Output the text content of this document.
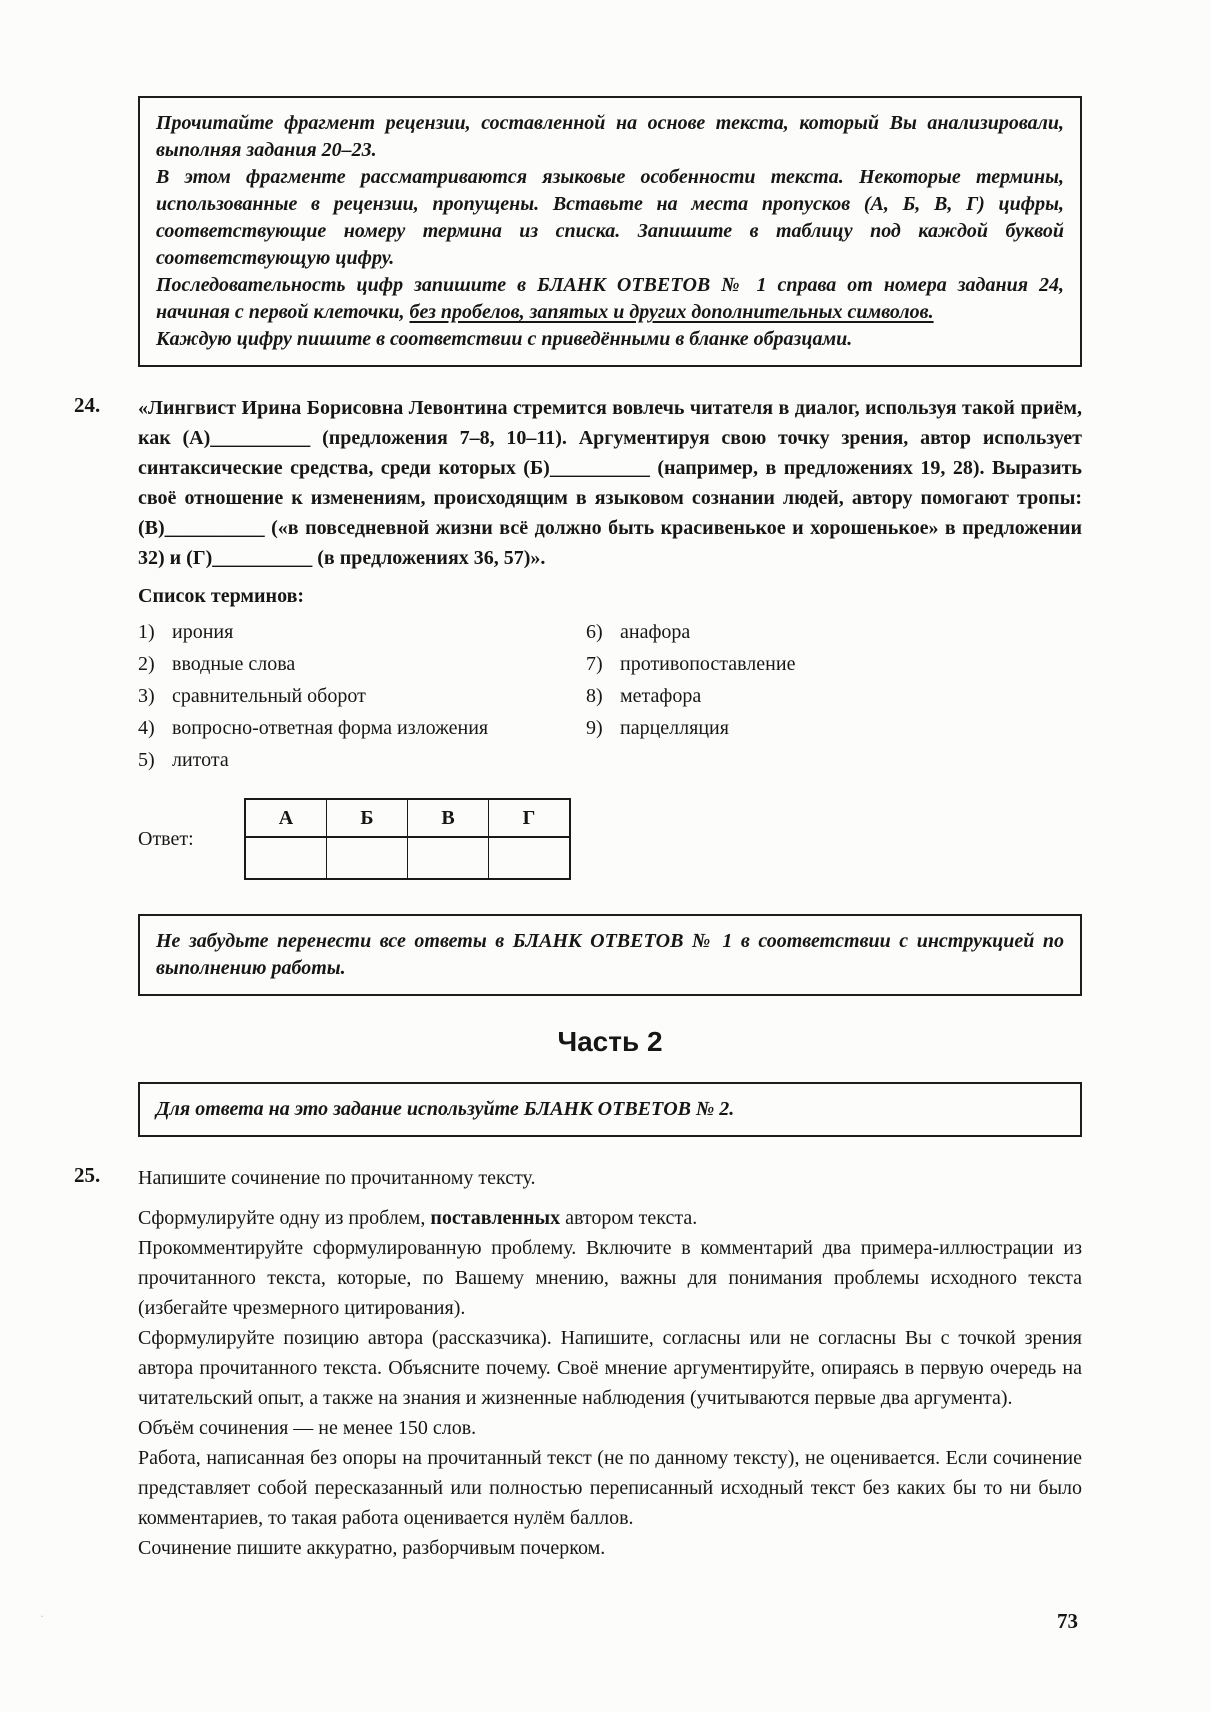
Прочитайте фрагмент рецензии, составленной на основе текста, который Вы анализировали, выполняя задания 20–23.

В этом фрагменте рассматриваются языковые особенности текста. Некоторые термины, использованные в рецензии, пропущены. Вставьте на места пропусков (А, Б, В, Г) цифры, соответствующие номеру термина из списка. Запишите в таблицу под каждой буквой соответствующую цифру.

Последовательность цифр запишите в БЛАНК ОТВЕТОВ № 1 справа от номера задания 24, начиная с первой клеточки, без пробелов, запятых и других дополнительных символов.

Каждую цифру пишите в соответствии с приведёнными в бланке образцами.

24. «Лингвист Ирина Борисовна Левонтина стремится вовлечь читателя в диалог, используя такой приём, как (А)__________ (предложения 7–8, 10–11). Аргументируя свою точку зрения, автор использует синтаксические средства, среди которых (Б)__________ (например, в предложениях 19, 28). Выразить своё отношение к изменениям, происходящим в языковом сознании людей, автору помогают тропы: (В)__________ («в повседневной жизни всё должно быть красивенькое и хорошенькое» в предложении 32) и (Г)__________ (в предложениях 36, 57)».
Список терминов:
1) ирония
2) вводные слова
3) сравнительный оборот
4) вопросно-ответная форма изложения
5) литота
6) анафора
7) противопоставление
8) метафора
9) парцелляция
Ответ:
А	Б	В	Г

Не забудьте перенести все ответы в БЛАНК ОТВЕТОВ № 1 в соответствии с инструкцией по выполнению работы.

Часть 2

Для ответа на это задание используйте БЛАНК ОТВЕТОВ № 2.

25. Напишите сочинение по прочитанному тексту.

Сформулируйте одну из проблем, поставленных автором текста.

Прокомментируйте сформулированную проблему. Включите в комментарий два примера-иллюстрации из прочитанного текста, которые, по Вашему мнению, важны для понимания проблемы исходного текста (избегайте чрезмерного цитирования).

Сформулируйте позицию автора (рассказчика). Напишите, согласны или не согласны Вы с точкой зрения автора прочитанного текста. Объясните почему. Своё мнение аргументируйте, опираясь в первую очередь на читательский опыт, а также на знания и жизненные наблюдения (учитываются первые два аргумента).

Объём сочинения — не менее 150 слов.

Работа, написанная без опоры на прочитанный текст (не по данному тексту), не оценивается. Если сочинение представляет собой пересказанный или полностью переписанный исходный текст без каких бы то ни было комментариев, то такая работа оценивается нулём баллов.

Сочинение пишите аккуратно, разборчивым почерком.

·	73
